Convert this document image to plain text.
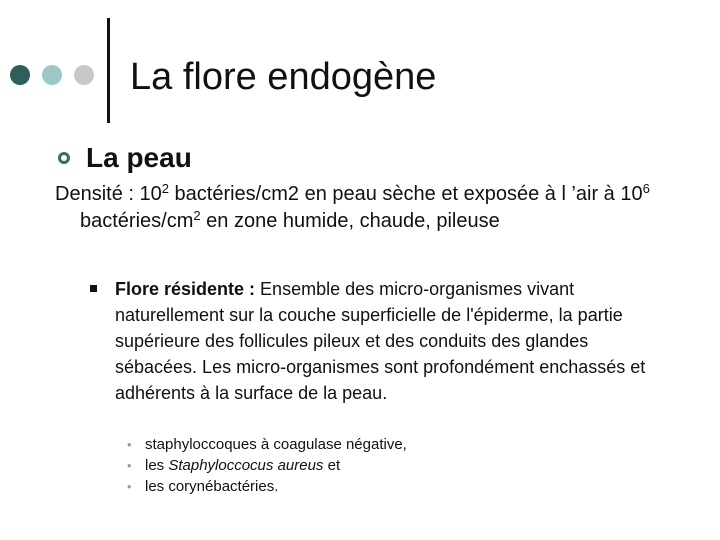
La flore endogène
La peau
Densité : $10^2$ bactéries/cm2 en peau sèche et exposée à l ’air à $10^6$ bactéries/$cm^2$ en zone humide, chaude, pileuse
Flore résidente : Ensemble des micro-organismes vivant naturellement sur la couche superficielle de l'épiderme, la partie supérieure des follicules pileux et des conduits des glandes sébacées. Les micro-organismes sont profondément enchassés et adhérents à la surface de la peau.
• staphyloccoques à coagulase négative,
• les Staphyloccocus aureus et
• les corynébactéries.
